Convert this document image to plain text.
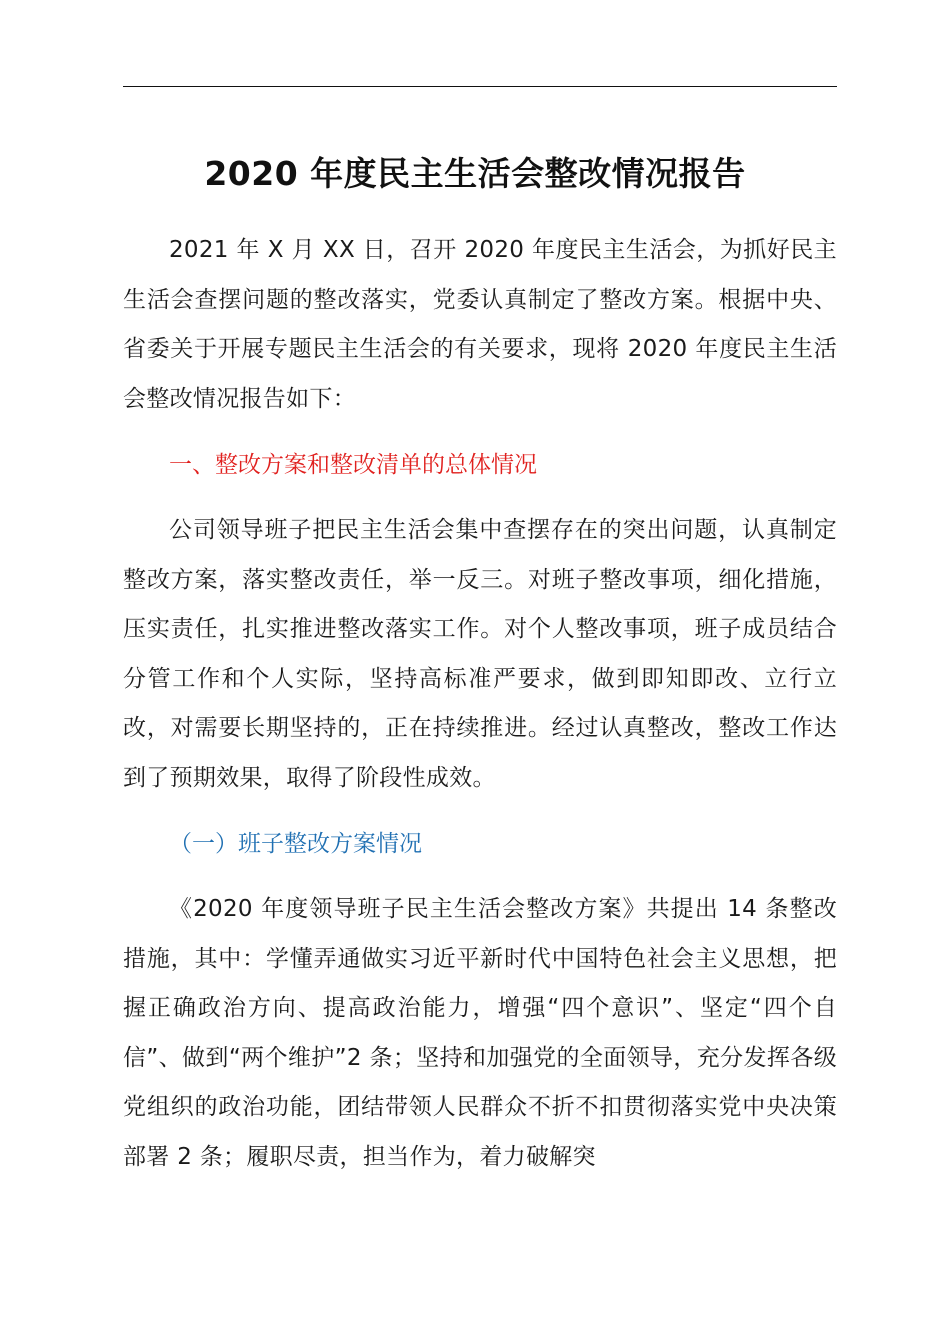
2020 年度民主生活会整改情况报告

2021 年 X 月 XX 日，召开 2020 年度民主生活会，为抓好民主生活会查摆问题的整改落实，党委认真制定了整改方案。根据中央、省委关于开展专题民主生活会的有关要求，现将 2020 年度民主生活会整改情况报告如下：

一、整改方案和整改清单的总体情况

公司领导班子把民主生活会集中查摆存在的突出问题，认真制定整改方案，落实整改责任，举一反三。对班子整改事项，细化措施，压实责任，扎实推进整改落实工作。对个人整改事项，班子成员结合分管工作和个人实际，坚持高标准严要求，做到即知即改、立行立改，对需要长期坚持的，正在持续推进。经过认真整改，整改工作达到了预期效果，取得了阶段性成效。

（一）班子整改方案情况

《2020 年度领导班子民主生活会整改方案》共提出 14 条整改措施，其中：学懂弄通做实习近平新时代中国特色社会主义思想，把握正确政治方向、提高政治能力，增强“四个意识”、坚定“四个自信”、做到“两个维护”2 条；坚持和加强党的全面领导，充分发挥各级党组织的政治功能，团结带领人民群众不折不扣贯彻落实党中央决策部署 2 条；履职尽责，担当作为，着力破解突
